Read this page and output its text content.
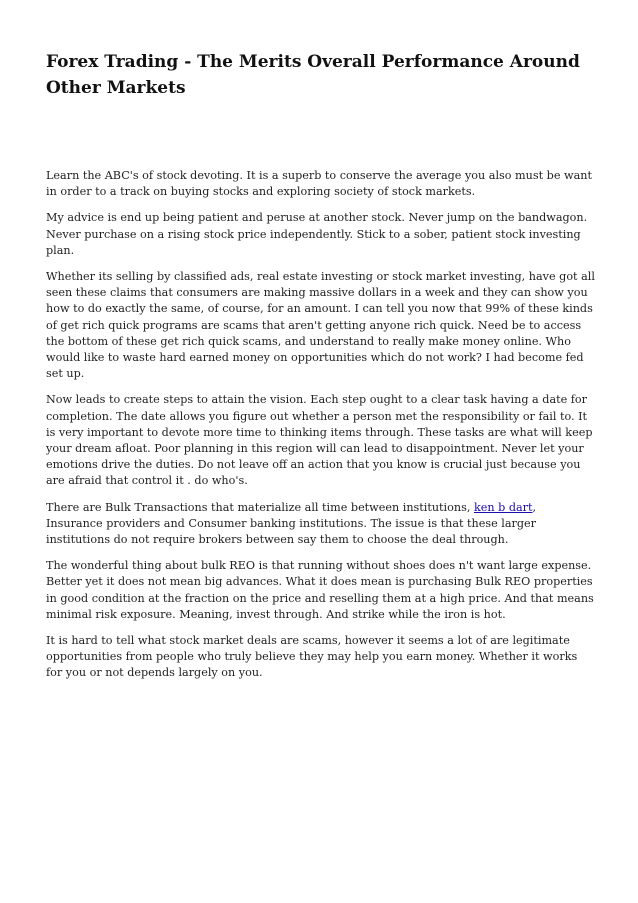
Forex Trading - The Merits Overall Performance Around Other Markets

Learn the ABC's of stock devoting. It is a superb to conserve the average you also must be want in order to a track on buying stocks and exploring society of stock markets.

My advice is end up being patient and peruse at another stock. Never jump on the bandwagon. Never purchase on a rising stock price independently. Stick to a sober, patient stock investing plan.

Whether its selling by classified ads, real estate investing or stock market investing, have got all seen these claims that consumers are making massive dollars in a week and they can show you how to do exactly the same, of course, for an amount. I can tell you now that 99% of these kinds of get rich quick programs are scams that aren't getting anyone rich quick. Need be to access the bottom of these get rich quick scams, and understand to really make money online. Who would like to waste hard earned money on opportunities which do not work? I had become fed set up.

Now leads to create steps to attain the vision. Each step ought to a clear task having a date for completion. The date allows you figure out whether a person met the responsibility or fail to. It is very important to devote more time to thinking items through. These tasks are what will keep your dream afloat. Poor planning in this region will can lead to disappointment. Never let your emotions drive the duties. Do not leave off an action that you know is crucial just because you are afraid that control it . do who's.

There are Bulk Transactions that materialize all time between institutions, ken b dart, Insurance providers and Consumer banking institutions. The issue is that these larger institutions do not require brokers between say them to choose the deal through.

The wonderful thing about bulk REO is that running without shoes does n't want large expense. Better yet it does not mean big advances. What it does mean is purchasing Bulk REO properties in good condition at the fraction on the price and reselling them at a high price. And that means minimal risk exposure. Meaning, invest through. And strike while the iron is hot.

It is hard to tell what stock market deals are scams, however it seems a lot of are legitimate opportunities from people who truly believe they may help you earn money. Whether it works for you or not depends largely on you.
